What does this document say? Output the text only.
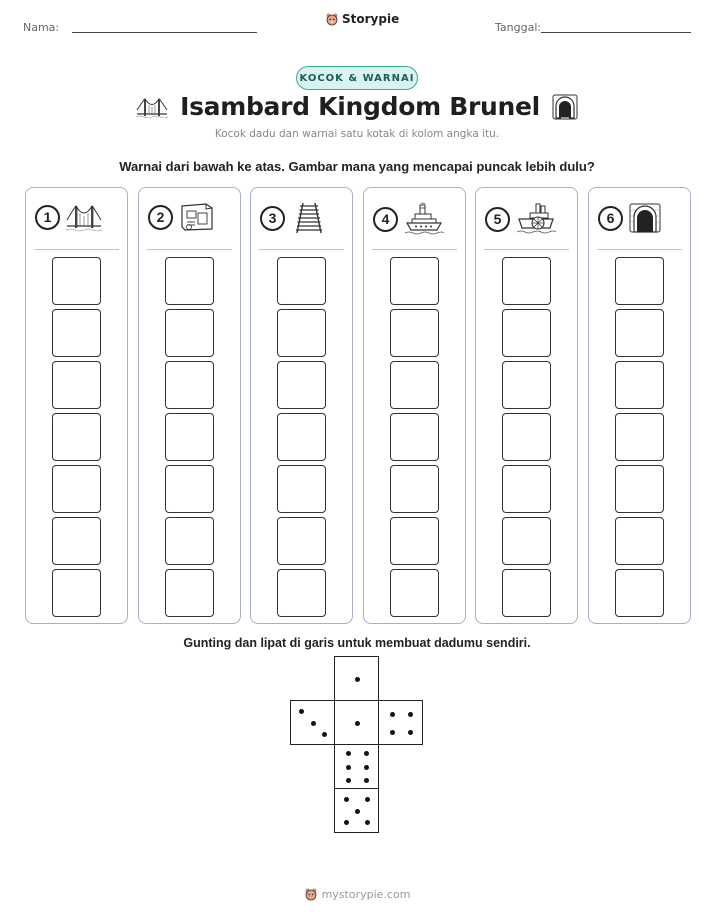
Nama:
Storypie
Tanggal:
KOCOK & WARNAI
Isambard Kingdom Brunel
Kocok dadu dan warnai satu kotak di kolom angka itu.
Warnai dari bawah ke atas. Gambar mana yang mencapai puncak lebih dulu?
1	2	3	4	5	6
Gunting dan lipat di garis untuk membuat dadumu sendiri.
mystorypie.com
